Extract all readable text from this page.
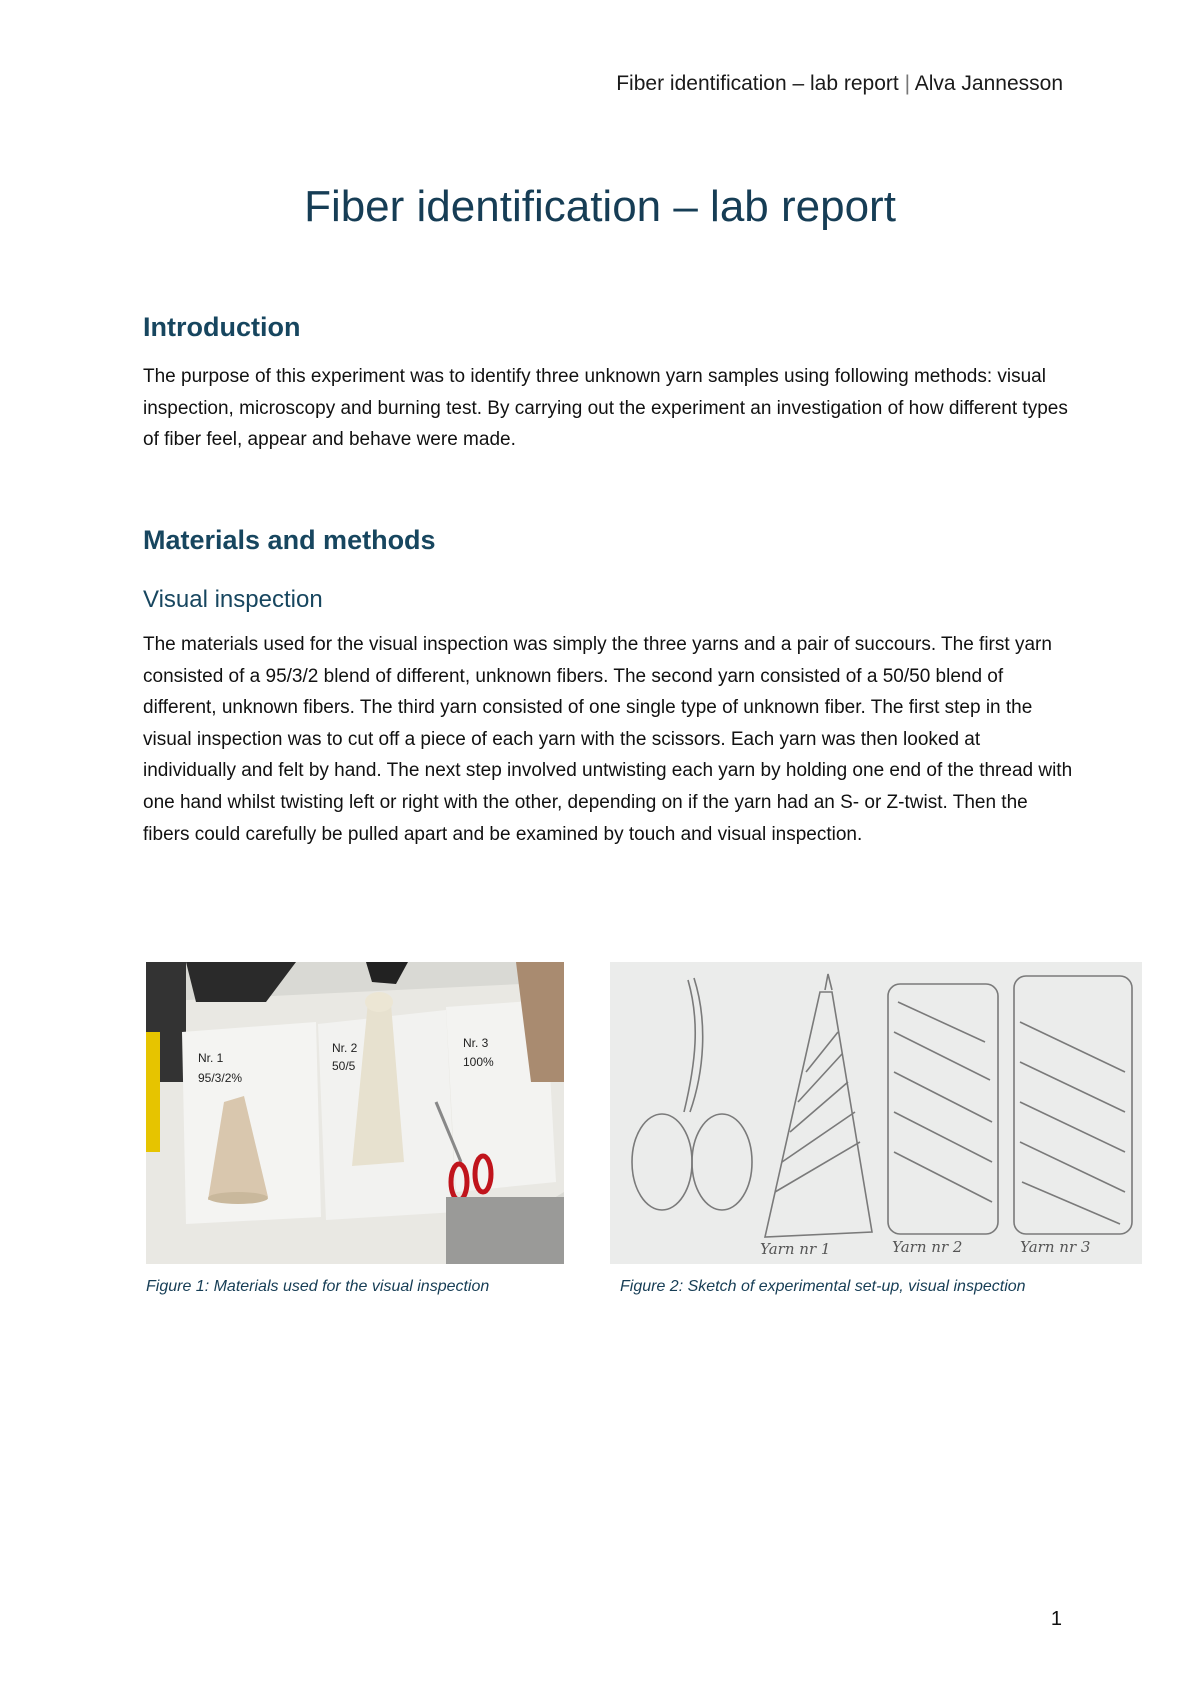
Fiber identification – lab report | Alva Jannesson
Fiber identification – lab report
Introduction

The purpose of this experiment was to identify three unknown yarn samples using following methods: visual inspection, microscopy and burning test. By carrying out the experiment an investigation of how different types of fiber feel, appear and behave were made.

Materials and methods
Visual inspection

The materials used for the visual inspection was simply the three yarns and a pair of succours. The first yarn consisted of a 95/3/2 blend of different, unknown fibers. The second yarn consisted of a 50/50 blend of different, unknown fibers. The third yarn consisted of one single type of unknown fiber. The first step in the visual inspection was to cut off a piece of each yarn with the scissors. Each yarn was then looked at individually and felt by hand. The next step involved untwisting each yarn by holding one end of the thread with one hand whilst twisting left or right with the other, depending on if the yarn had an S- or Z-twist. Then the fibers could carefully be pulled apart and be examined by touch and visual inspection.

Nr. 1
95/3/2%
Nr. 2
50/5
Nr. 3
100%
Figure 1: Materials used for the visual inspection
Yarn nr 1	Yarn nr 2	Yarn nr 3
Figure 2: Sketch of experimental set-up, visual inspection
1
